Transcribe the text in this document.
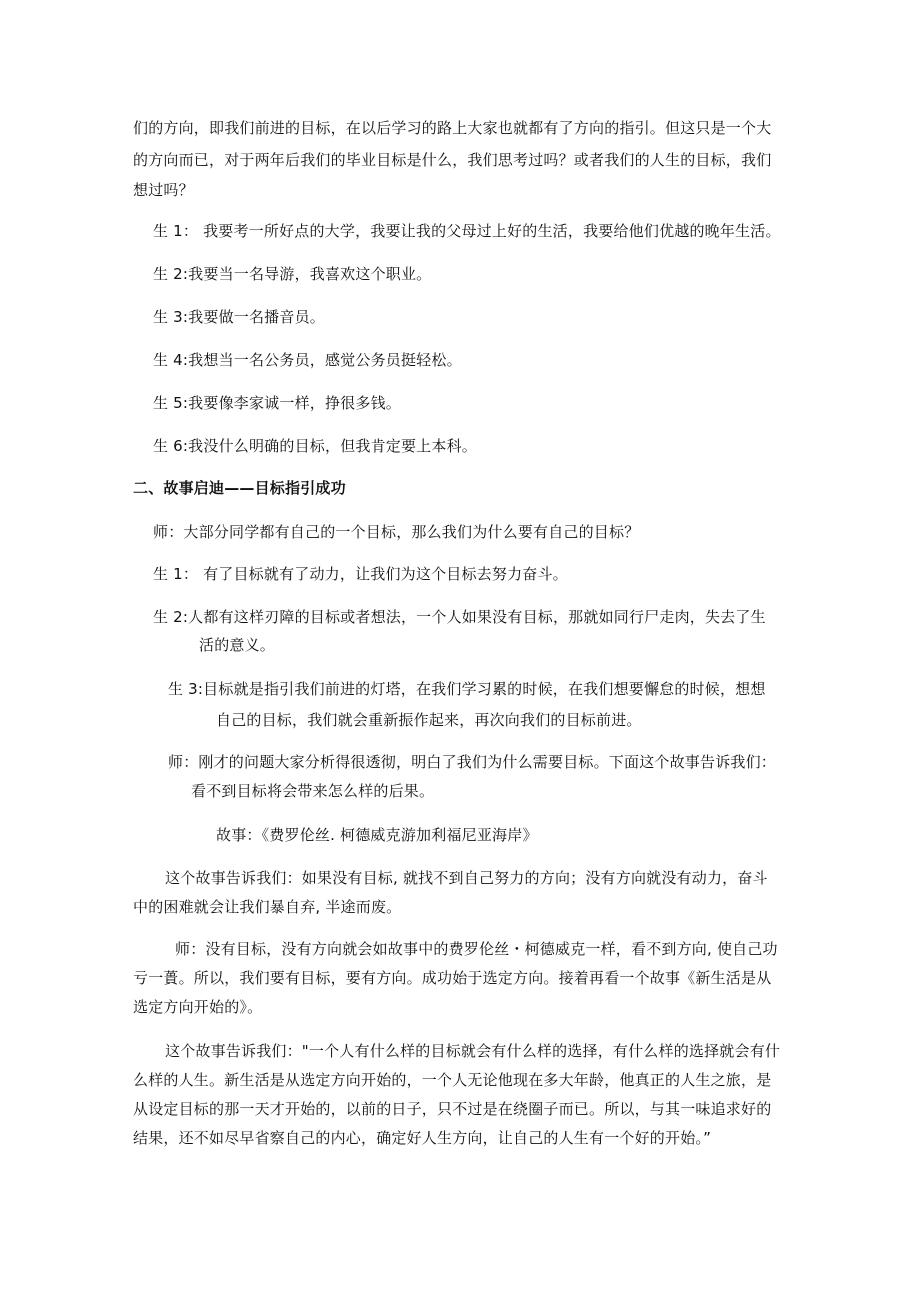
们的方向，即我们前进的目标，在以后学习的路上大家也就都有了方向的指引。但这只是一个大
的方向而已，对于两年后我们的毕业目标是什么，我们思考过吗？或者我们的人生的目标，我们
想过吗？
生 1： 我要考一所好点的大学，我要让我的父母过上好的生活，我要给他们优越的晚年生活。
生 2:我要当一名导游，我喜欢这个职业。
生 3:我要做一名播音员。
生 4:我想当一名公务员，感觉公务员挺轻松。
生 5:我要像李家诚一样，挣很多钱。
生 6:我没什么明确的目标，但我肯定要上本科。
二、故事启迪——目标指引成功
师：大部分同学都有自己的一个目标，那么我们为什么要有自己的目标？
生 1： 有了目标就有了动力，让我们为这个目标去努力奋斗。
生 2:人都有这样刃障的目标或者想法，一个人如果没有目标，那就如同行尸走肉，失去了生
活的意义。
生 3:目标就是指引我们前进的灯塔，在我们学习累的时候，在我们想要懈怠的时候，想想
自己的目标，我们就会重新振作起来，再次向我们的目标前进。
师：刚才的问题大家分析得很透彻，明白了我们为什么需要目标。下面这个故事告诉我们：
看不到目标将会带来怎么样的后果。
故事：《费罗伦丝. 柯德威克游加利福尼亚海岸》
这个故事告诉我们：如果没有目标, 就找不到自己努力的方向；没有方向就没有动力，奋斗
中的困难就会让我们暴自弃, 半途而废。
师：没有目标，没有方向就会如故事中的费罗伦丝・柯德威克一样，看不到方向, 使自己功
亏一蕢。所以，我们要有目标，要有方向。成功始于选定方向。接着再看一个故事《新生活是从
选定方向开始的》。
这个故事告诉我们："一个人有什么样的目标就会有什么样的选择，有什么样的选择就会有什
么样的人生。新生活是从选定方向开始的，一个人无论他现在多大年龄，他真正的人生之旅，是
从设定目标的那一天才开始的，以前的日子，只不过是在绕圈子而已。所以，与其一味追求好的
结果，还不如尽早省察自己的内心，确定好人生方向，让自己的人生有一个好的开始。”
